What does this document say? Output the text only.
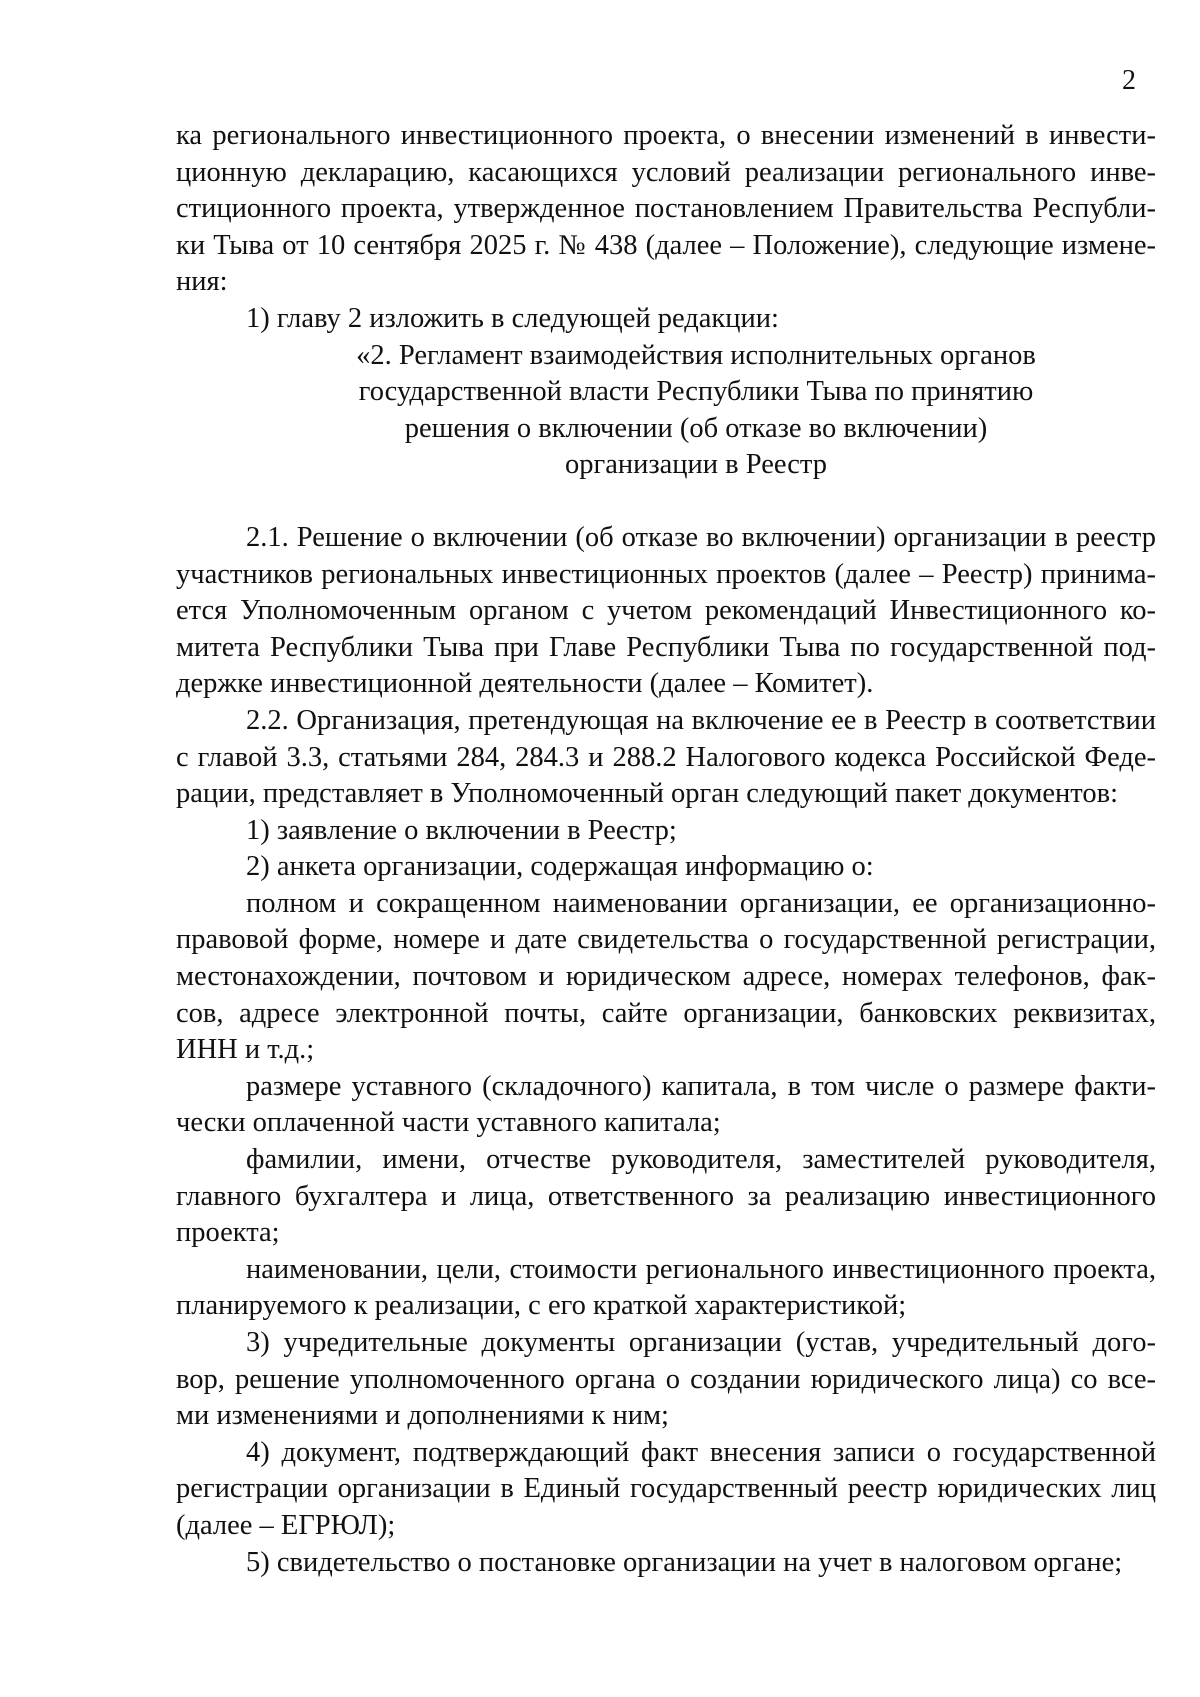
2

ка регионального инвестиционного проекта, о внесении изменений в инвести-
ционную декларацию, касающихся условий реализации регионального инве-
стиционного проекта, утвержденное постановлением Правительства Республи-
ки Тыва от 10 сентября 2025 г. № 438 (далее – Положение), следующие измене-
ния:

1) главу 2 изложить в следующей редакции:

«2. Регламент взаимодействия исполнительных органов
государственной власти Республики Тыва по принятию
решения о включении (об отказе во включении)
организации в Реестр

2.1. Решение о включении (об отказе во включении) организации в реестр
участников региональных инвестиционных проектов (далее – Реестр) принима-
ется Уполномоченным органом с учетом рекомендаций Инвестиционного ко-
митета Республики Тыва при Главе Республики Тыва по государственной под-
держке инвестиционной деятельности (далее – Комитет).

2.2. Организация, претендующая на включение ее в Реестр в соответствии
с главой 3.3, статьями 284, 284.3 и 288.2 Налогового кодекса Российской Феде-
рации, представляет в Уполномоченный орган следующий пакет документов:

1) заявление о включении в Реестр;

2) анкета организации, содержащая информацию о:

полном и сокращенном наименовании организации, ее организационно-
правовой форме, номере и дате свидетельства о государственной регистрации,
местонахождении, почтовом и юридическом адресе, номерах телефонов, фак-
сов, адресе электронной почты, сайте организации, банковских реквизитах,
ИНН и т.д.;

размере уставного (складочного) капитала, в том числе о размере факти-
чески оплаченной части уставного капитала;

фамилии, имени, отчестве руководителя, заместителей руководителя,
главного бухгалтера и лица, ответственного за реализацию инвестиционного
проекта;

наименовании, цели, стоимости регионального инвестиционного проекта,
планируемого к реализации, с его краткой характеристикой;

3) учредительные документы организации (устав, учредительный дого-
вор, решение уполномоченного органа о создании юридического лица) со все-
ми изменениями и дополнениями к ним;

4) документ, подтверждающий факт внесения записи о государственной
регистрации организации в Единый государственный реестр юридических лиц
(далее – ЕГРЮЛ);

5) свидетельство о постановке организации на учет в налоговом органе;
